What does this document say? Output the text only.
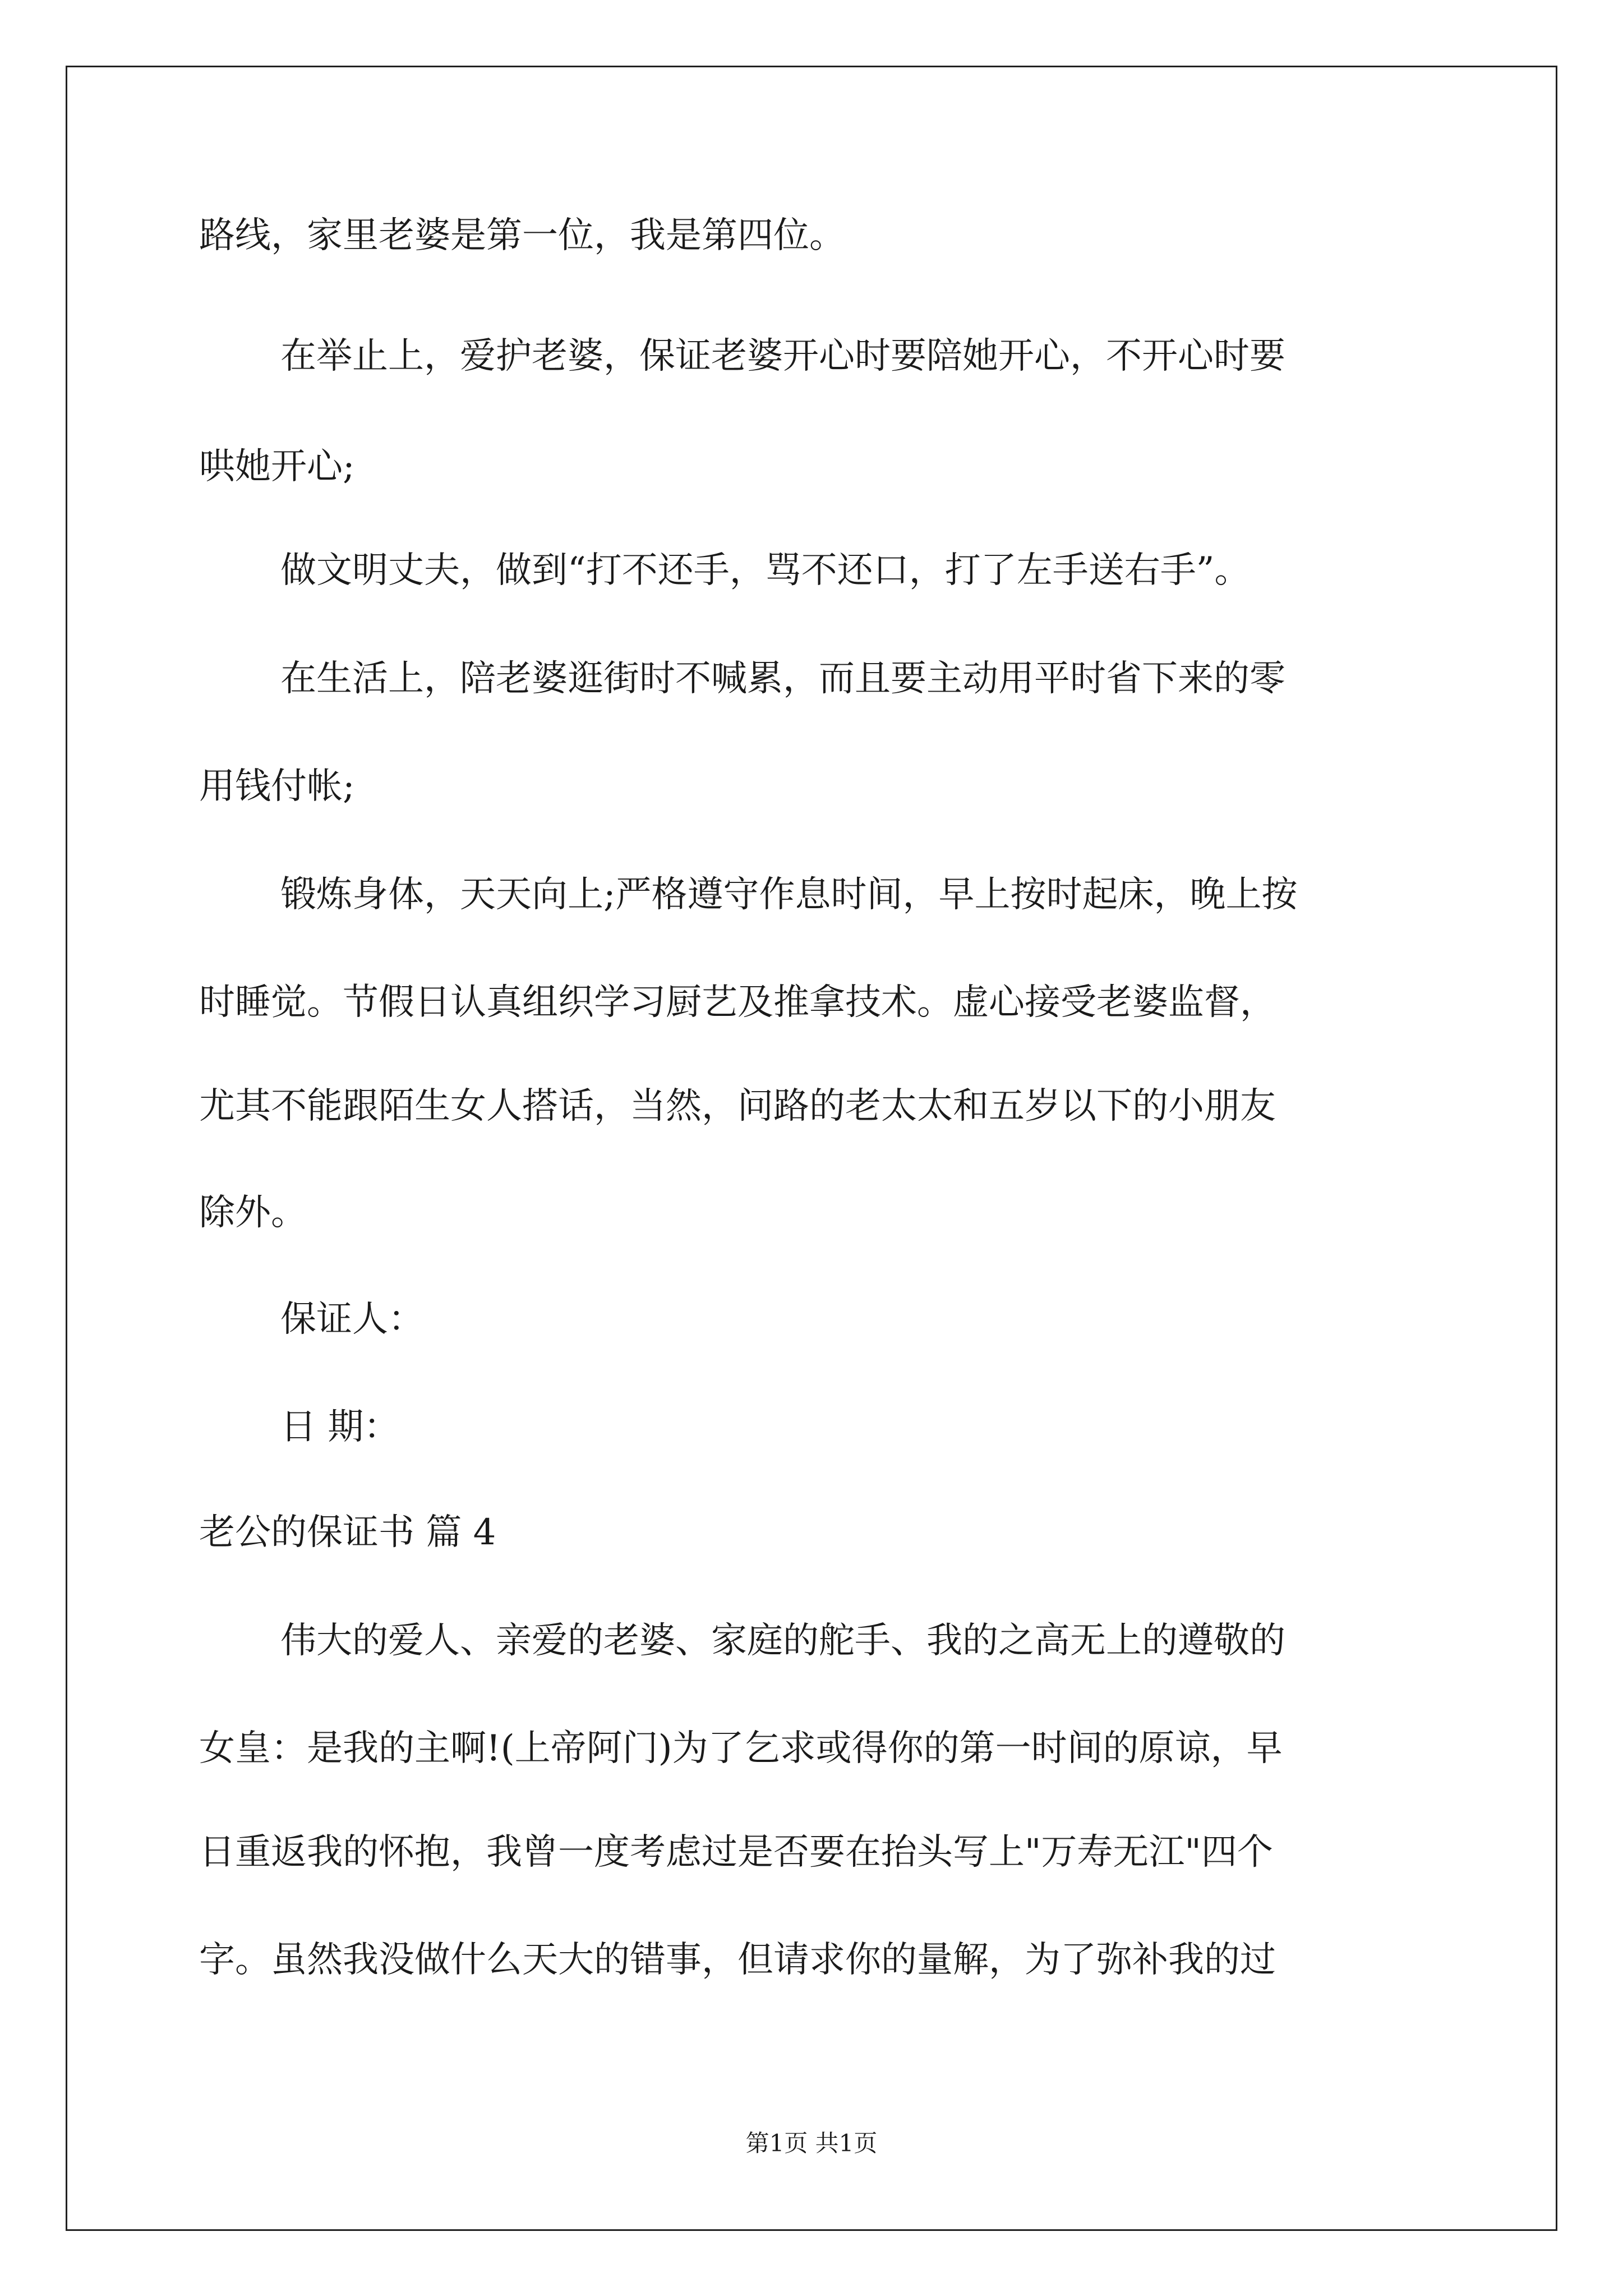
路线，家里老婆是第一位，我是第四位。
在举止上，爱护老婆，保证老婆开心时要陪她开心，不开心时要
哄她开心;
做文明丈夫，做到“打不还手，骂不还口，打了左手送右手”。
在生活上，陪老婆逛街时不喊累，而且要主动用平时省下来的零
用钱付帐;
锻炼身体，天天向上;严格遵守作息时间，早上按时起床，晚上按
时睡觉。节假日认真组织学习厨艺及推拿技术。虚心接受老婆监督，
尤其不能跟陌生女人搭话，当然，问路的老太太和五岁以下的小朋友
除外。
保证人：
日 期：
老公的保证书 篇 4
伟大的爱人、亲爱的老婆、家庭的舵手、我的之高无上的遵敬的
女皇：是我的主啊!(上帝阿门)为了乞求或得你的第一时间的原谅，早
日重返我的怀抱，我曾一度考虑过是否要在抬头写上"万寿无江"四个
字。虽然我没做什么天大的错事，但请求你的量解，为了弥补我的过
第1页 共1页
